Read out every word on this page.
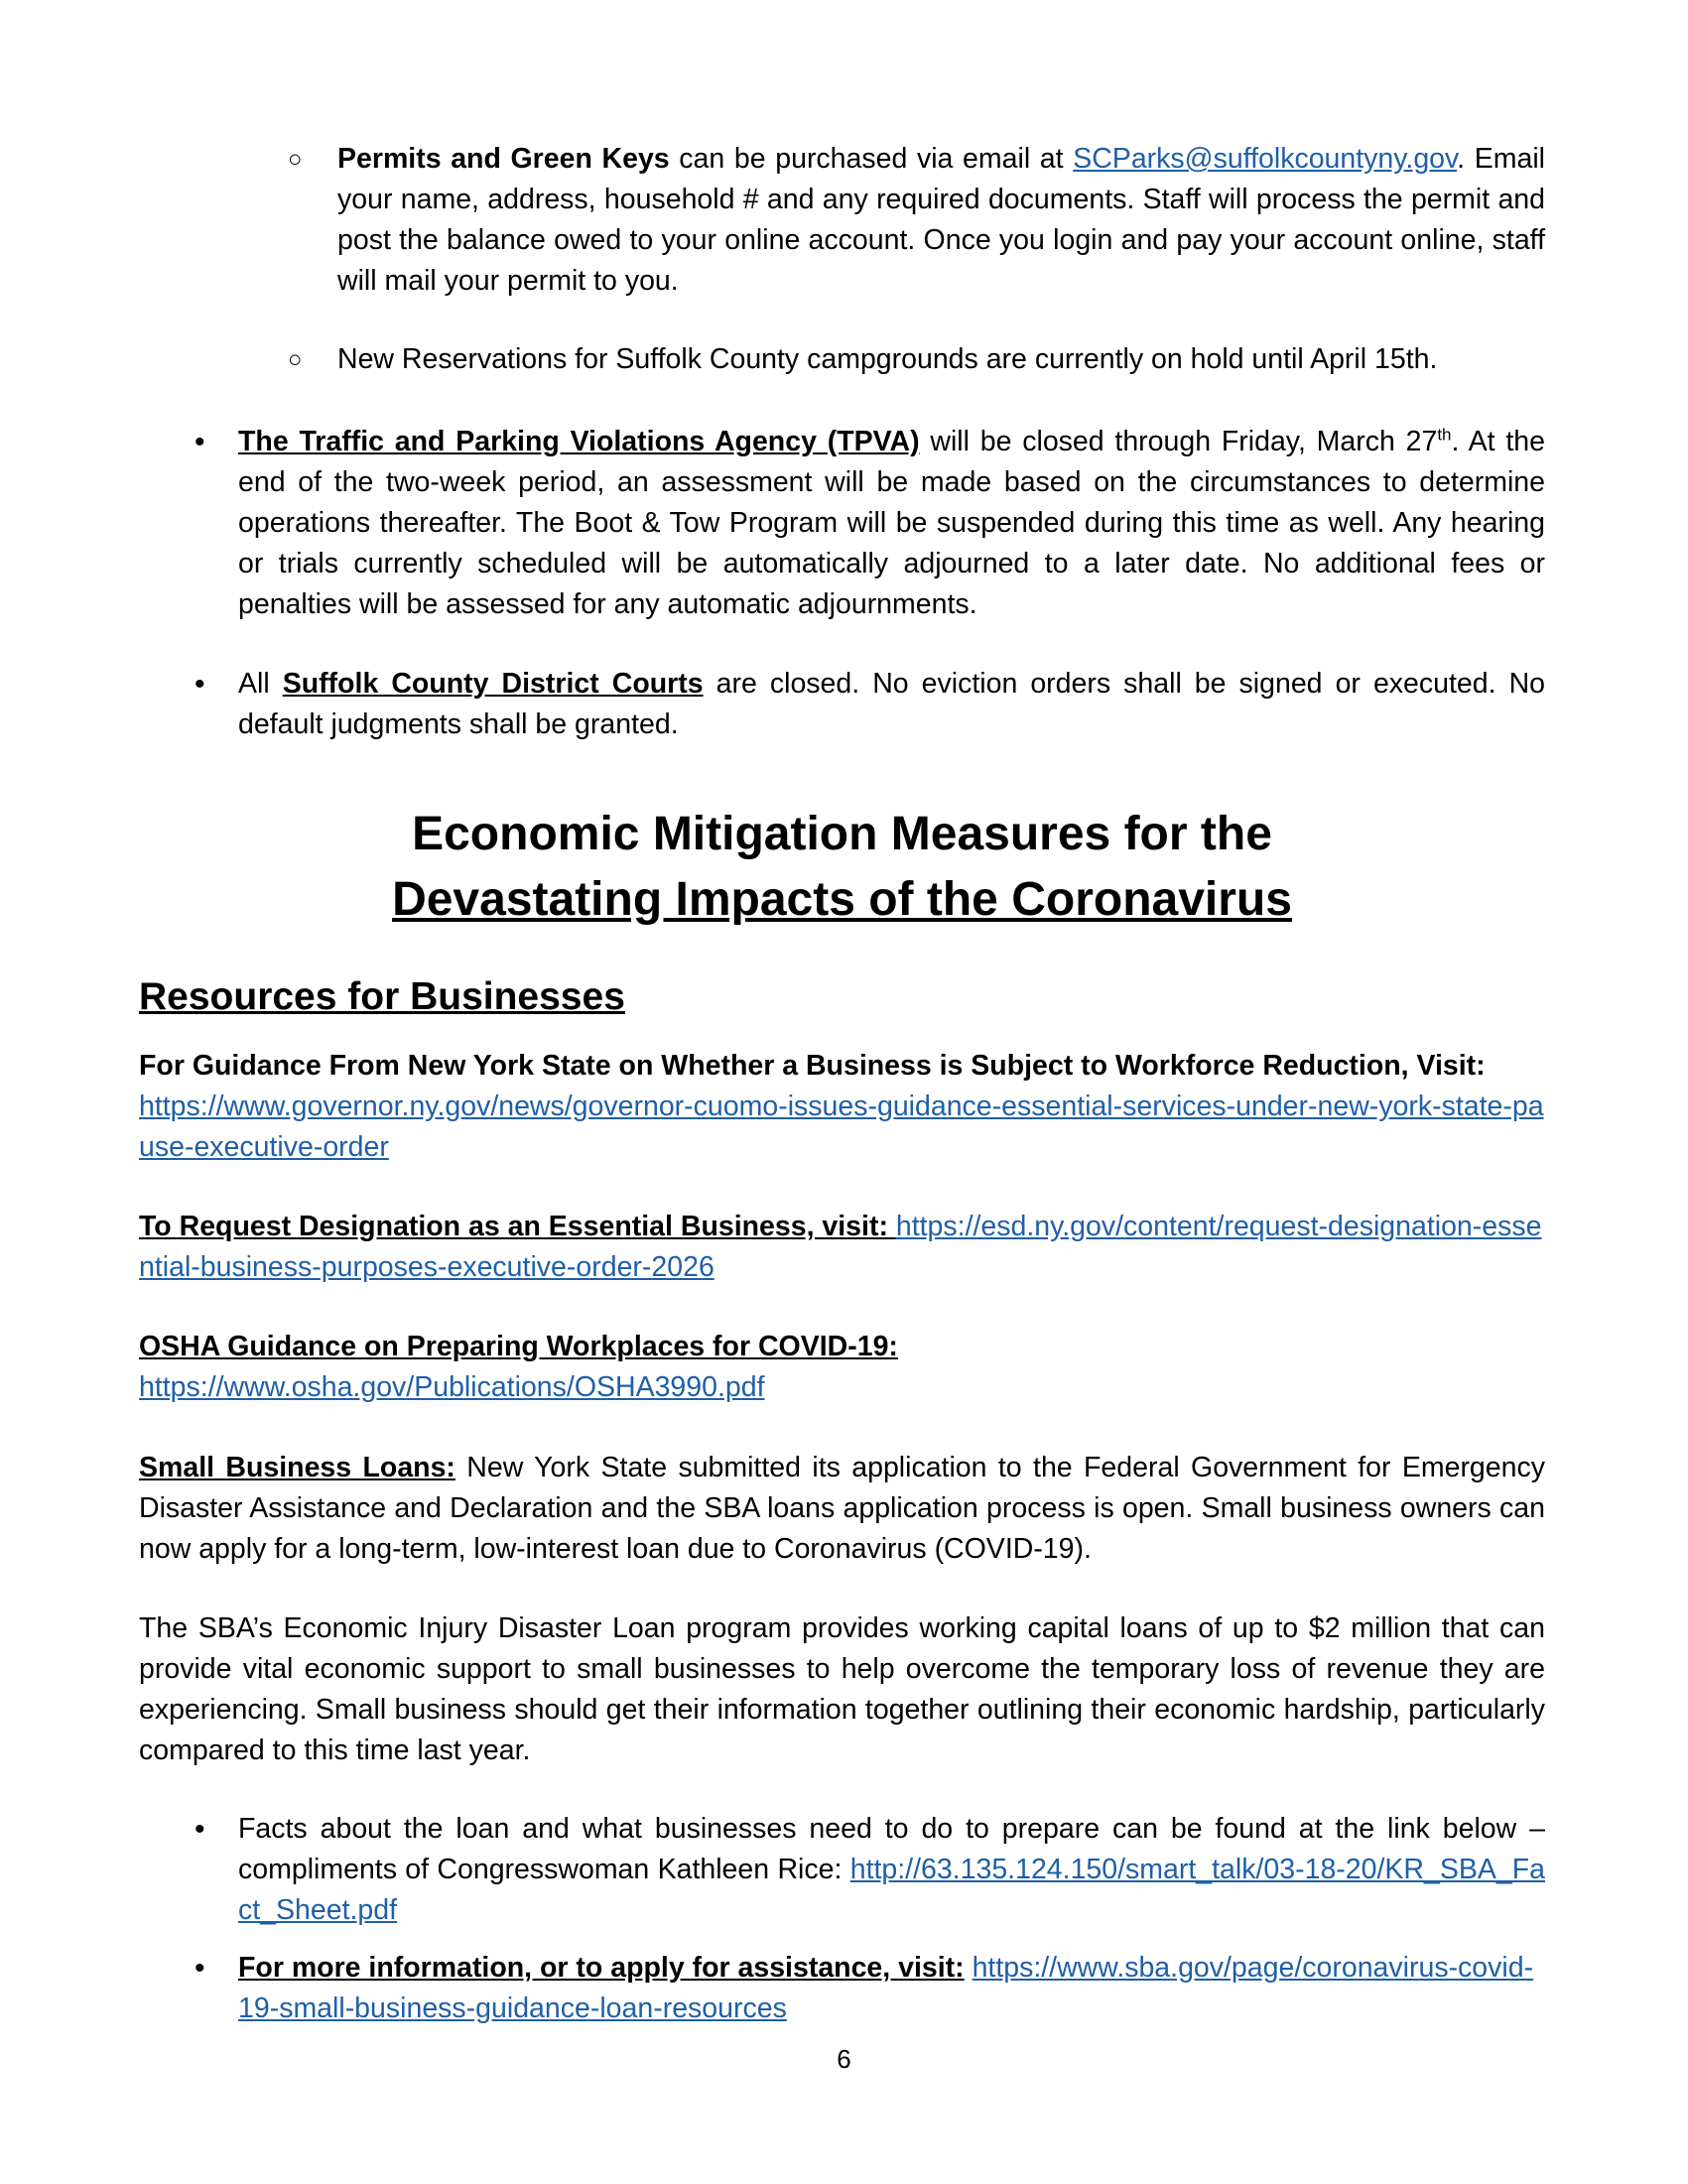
○ Permits and Green Keys can be purchased via email at SCParks@suffolkcountyny.gov. Email your name, address, household # and any required documents. Staff will process the permit and post the balance owed to your online account. Once you login and pay your account online, staff will mail your permit to you.
○ New Reservations for Suffolk County campgrounds are currently on hold until April 15th.
• The Traffic and Parking Violations Agency (TPVA) will be closed through Friday, March 27th. At the end of the two-week period, an assessment will be made based on the circumstances to determine operations thereafter. The Boot & Tow Program will be suspended during this time as well. Any hearing or trials currently scheduled will be automatically adjourned to a later date. No additional fees or penalties will be assessed for any automatic adjournments.
• All Suffolk County District Courts are closed. No eviction orders shall be signed or executed. No default judgments shall be granted.
Economic Mitigation Measures for the
Devastating Impacts of the Coronavirus
Resources for Businesses
For Guidance From New York State on Whether a Business is Subject to Workforce Reduction, Visit:
https://www.governor.ny.gov/news/governor-cuomo-issues-guidance-essential-services-under-new-york-state-pause-executive-order
To Request Designation as an Essential Business, visit: https://esd.ny.gov/content/request-designation-essential-business-purposes-executive-order-2026
OSHA Guidance on Preparing Workplaces for COVID-19:
https://www.osha.gov/Publications/OSHA3990.pdf
Small Business Loans: New York State submitted its application to the Federal Government for Emergency Disaster Assistance and Declaration and the SBA loans application process is open. Small business owners can now apply for a long-term, low-interest loan due to Coronavirus (COVID-19).
The SBA’s Economic Injury Disaster Loan program provides working capital loans of up to $2 million that can provide vital economic support to small businesses to help overcome the temporary loss of revenue they are experiencing. Small business should get their information together outlining their economic hardship, particularly compared to this time last year.
• Facts about the loan and what businesses need to do to prepare can be found at the link below – compliments of Congresswoman Kathleen Rice: http://63.135.124.150/smart_talk/03-18-20/KR_SBA_Fact_Sheet.pdf
• For more information, or to apply for assistance, visit: https://www.sba.gov/page/coronavirus-covid-19-small-business-guidance-loan-resources
6
